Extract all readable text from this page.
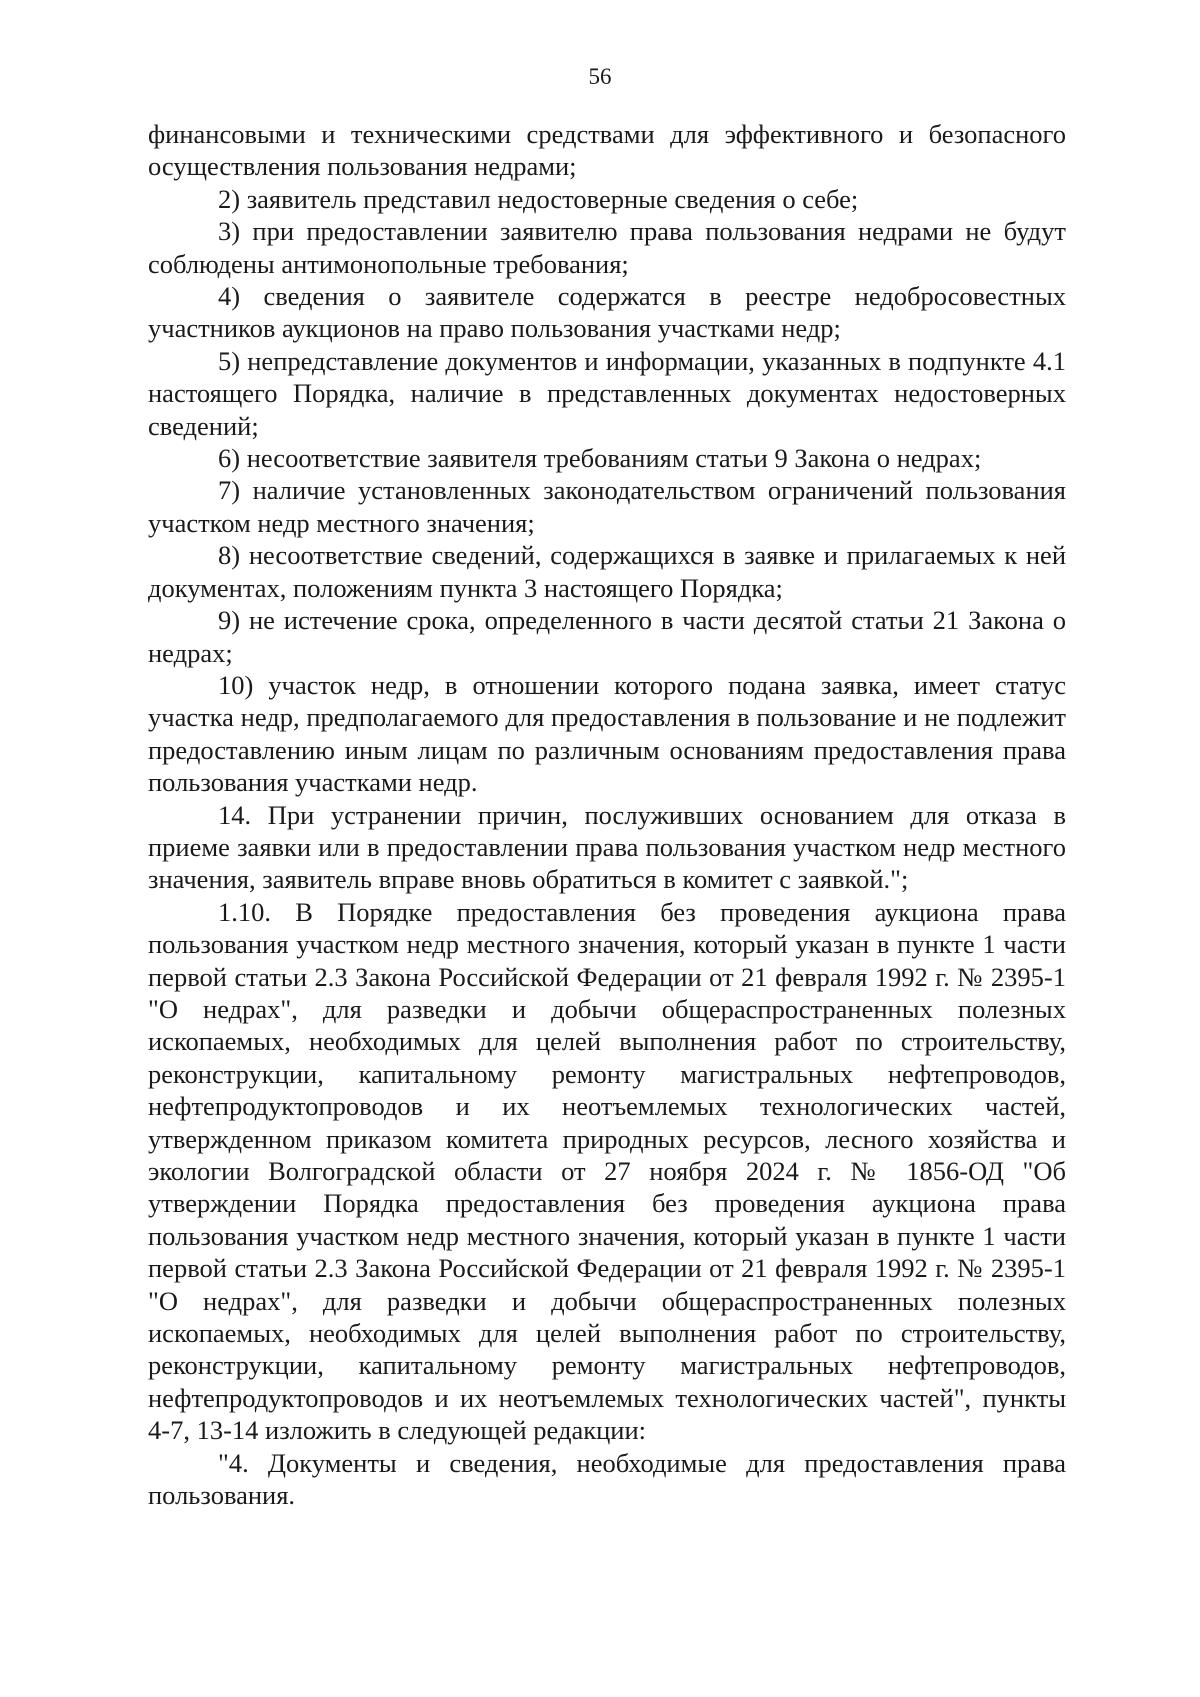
56

финансовыми и техническими средствами для эффективного и безопасного осуществления пользования недрами;

2) заявитель представил недостоверные сведения о себе;

3) при предоставлении заявителю права пользования недрами не будут соблюдены антимонопольные требования;

4) сведения о заявителе содержатся в реестре недобросовестных участников аукционов на право пользования участками недр;

5) непредставление документов и информации, указанных в подпункте 4.1 настоящего Порядка, наличие в представленных документах недостоверных сведений;

6) несоответствие заявителя требованиям статьи 9 Закона о недрах;

7) наличие установленных законодательством ограничений пользования участком недр местного значения;

8) несоответствие сведений, содержащихся в заявке и прилагаемых к ней документах, положениям пункта 3 настоящего Порядка;

9) не истечение срока, определенного в части десятой статьи 21 Закона о недрах;

10) участок недр, в отношении которого подана заявка, имеет статус участка недр, предполагаемого для предоставления в пользование и не подлежит предоставлению иным лицам по различным основаниям предоставления права пользования участками недр.

14. При устранении причин, послуживших основанием для отказа в приеме заявки или в предоставлении права пользования участком недр местного значения, заявитель вправе вновь обратиться в комитет с заявкой.";

1.10. В Порядке предоставления без проведения аукциона права пользования участком недр местного значения, который указан в пункте 1 части первой статьи 2.3 Закона Российской Федерации от 21 февраля 1992 г. № 2395-1 "О недрах", для разведки и добычи общераспространенных полезных ископаемых, необходимых для целей выполнения работ по строительству, реконструкции, капитальному ремонту магистральных нефтепроводов, нефтепродуктопроводов и их неотъемлемых технологических частей, утвержденном приказом комитета природных ресурсов, лесного хозяйства и экологии Волгоградской области от 27 ноября 2024 г. № 1856-ОД "Об утверждении Порядка предоставления без проведения аукциона права пользования участком недр местного значения, который указан в пункте 1 части первой статьи 2.3 Закона Российской Федерации от 21 февраля 1992 г. № 2395-1 "О недрах", для разведки и добычи общераспространенных полезных ископаемых, необходимых для целей выполнения работ по строительству, реконструкции, капитальному ремонту магистральных нефтепроводов, нефтепродуктопроводов и их неотъемлемых технологических частей", пункты 4-7, 13-14 изложить в следующей редакции:

"4. Документы и сведения, необходимые для предоставления права пользования.
